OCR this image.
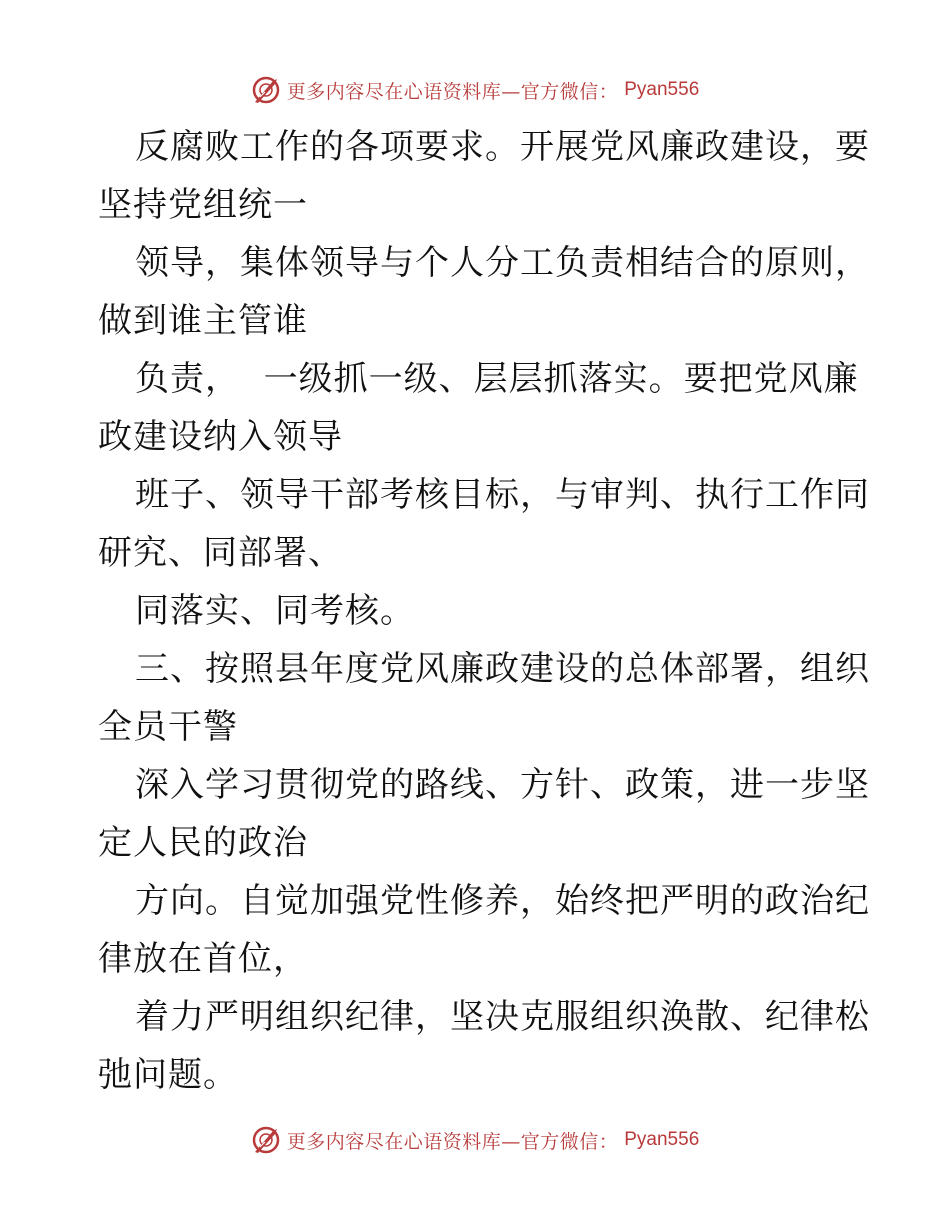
更多内容尽在心语资料库—官方微信： Pyan556
反腐败工作的各项要求。开展党风廉政建设，要
坚持党组统一
领导，集体领导与个人分工负责相结合的原则，
做到谁主管谁
负责，  一级抓一级、层层抓落实。要把党风廉
政建设纳入领导
班子、领导干部考核目标，与审判、执行工作同
研究、同部署、
同落实、同考核。
三、按照县年度党风廉政建设的总体部署，组织
全员干警
深入学习贯彻党的路线、方针、政策，进一步坚
定人民的政治
方向。自觉加强党性修养，始终把严明的政治纪
律放在首位，
着力严明组织纪律，坚决克服组织涣散、纪律松
弛问题。
更多内容尽在心语资料库—官方微信： Pyan556
